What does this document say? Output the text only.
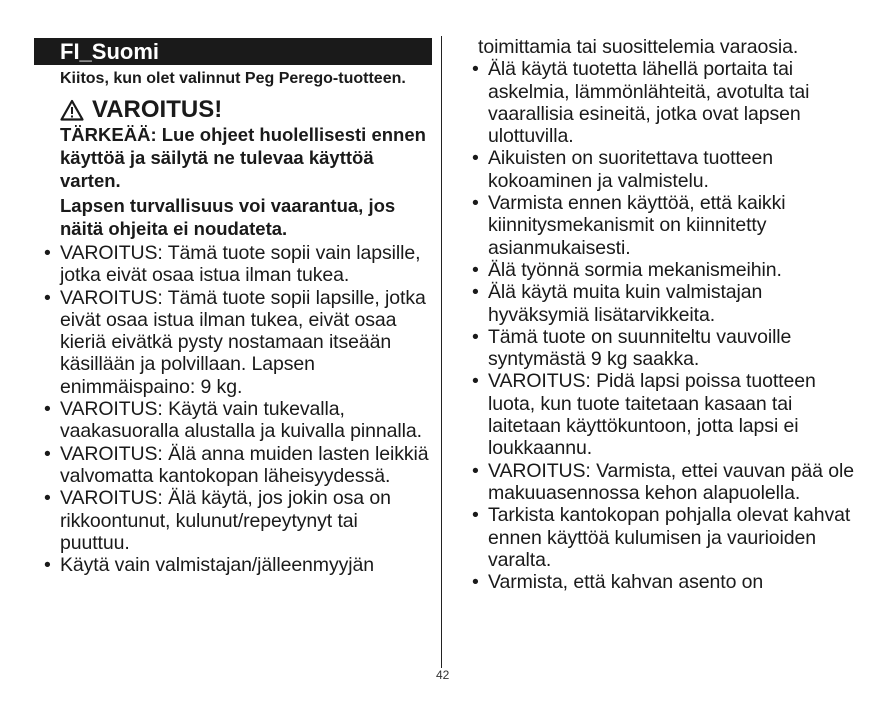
FI_Suomi
Kiitos, kun olet valinnut Peg Perego-tuotteen.
VAROITUS!
TÄRKEÄÄ: Lue ohjeet huolellisesti ennen käyttöä ja säilytä ne tulevaa käyttöä varten.
Lapsen turvallisuus voi vaarantua, jos näitä ohjeita ei noudateta.
• VAROITUS: Tämä tuote sopii vain lapsille, jotka eivät osaa istua ilman tukea.
• VAROITUS: Tämä tuote sopii lapsille, jotka eivät osaa istua ilman tukea, eivät osaa kieriä eivätkä pysty nostamaan itseään käsillään ja polvillaan. Lapsen enimmäispaino: 9 kg.
• VAROITUS: Käytä vain tukevalla, vaakasuoralla alustalla ja kuivalla pinnalla.
• VAROITUS: Älä anna muiden lasten leikkiä valvomatta kantokopan läheisyydessä.
• VAROITUS: Älä käytä, jos jokin osa on rikkoontunut, kulunut/repeytynyt tai puuttuu.
• Käytä vain valmistajan/jälleenmyyjän
toimittamia tai suosittelemia varaosia.
• Älä käytä tuotetta lähellä portaita tai askelmia, lämmönlähteitä, avotulta tai vaarallisia esineitä, jotka ovat lapsen ulottuvilla.
• Aikuisten on suoritettava tuotteen kokoaminen ja valmistelu.
• Varmista ennen käyttöä, että kaikki kiinnitysmekanismit on kiinnitetty asianmukaisesti.
• Älä työnnä sormia mekanismeihin.
• Älä käytä muita kuin valmistajan hyväksymiä lisätarvikkeita.
• Tämä tuote on suunniteltu vauvoille syntymästä 9 kg saakka.
• VAROITUS: Pidä lapsi poissa tuotteen luota, kun tuote taitetaan kasaan tai laitetaan käyttökuntoon, jotta lapsi ei loukkaannu.
• VAROITUS: Varmista, ettei vauvan pää ole makuuasennossa kehon alapuolella.
• Tarkista kantokopan pohjalla olevat kahvat ennen käyttöä kulumisen ja vaurioiden varalta.
• Varmista, että kahvan asento on
42
